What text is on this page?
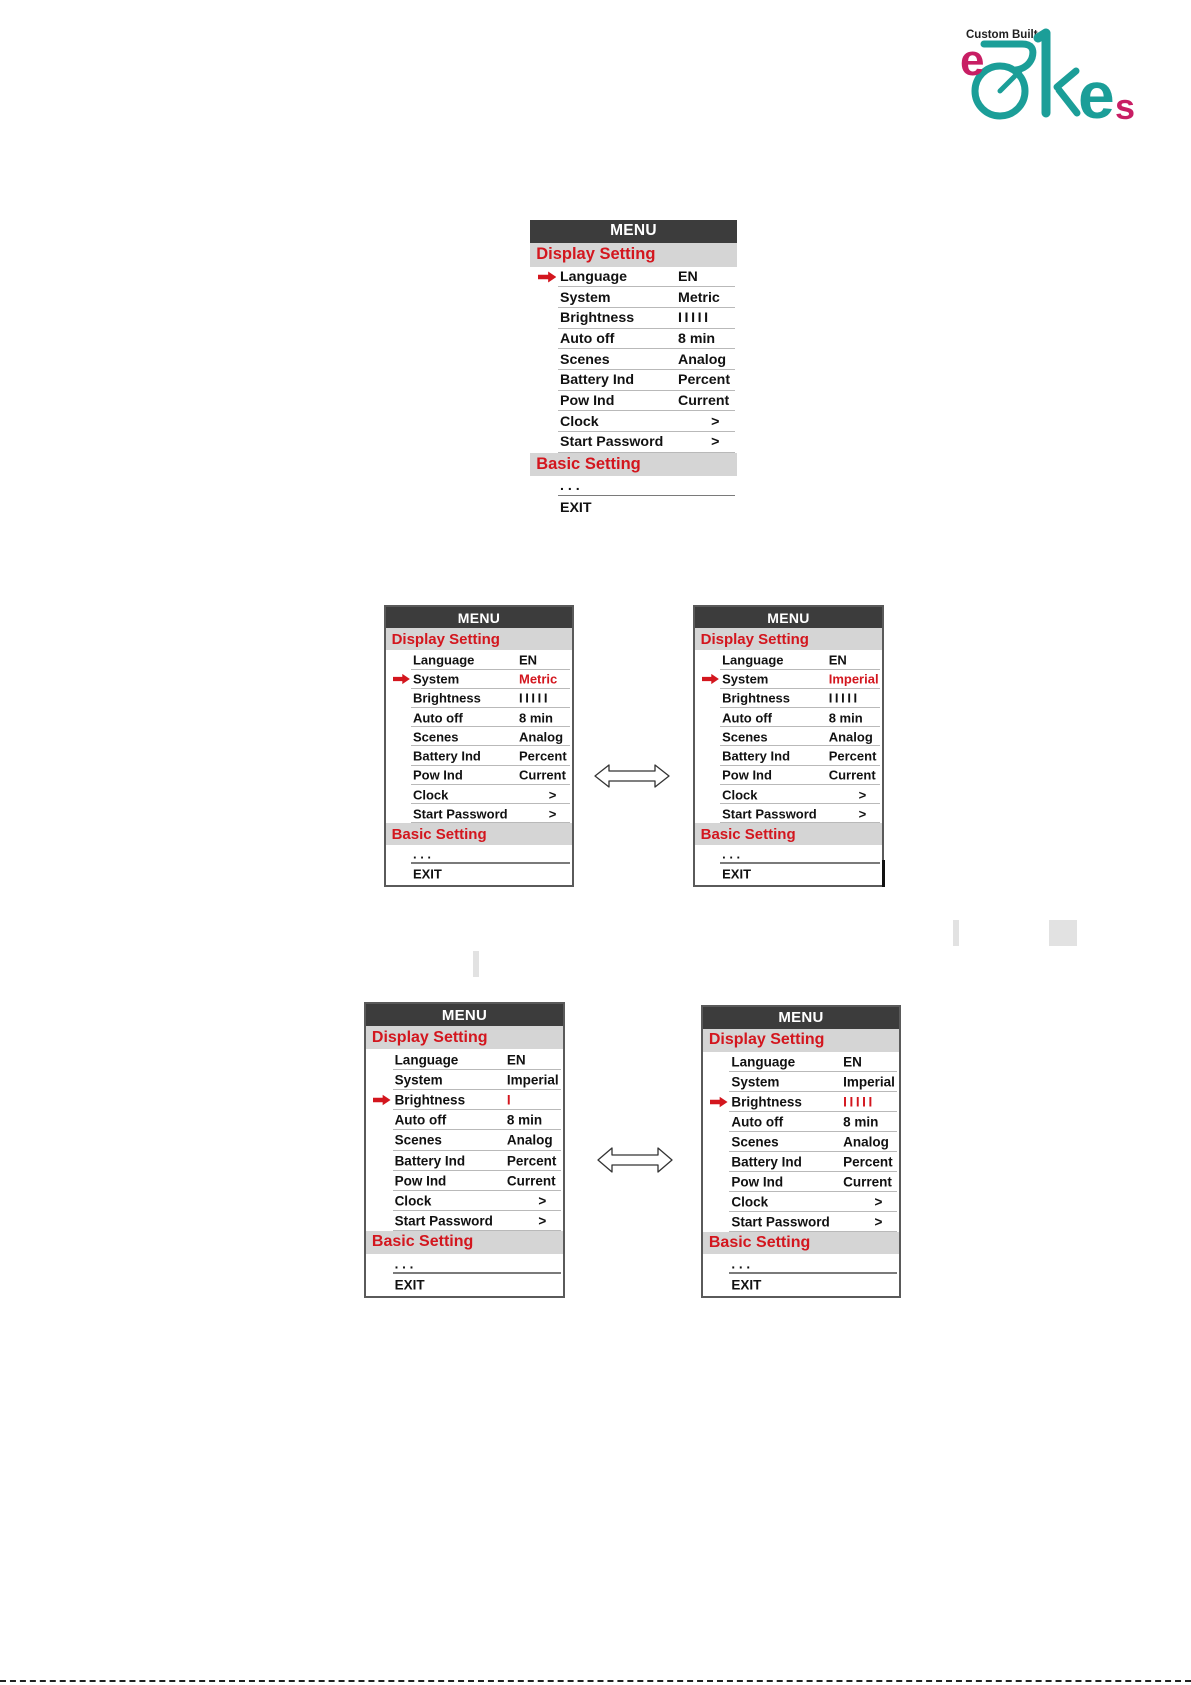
Custom Built
e e s
MENU
Display Setting
Language	EN
System	Metric
Brightness	IIIII
Auto off	8 min
Scenes	Analog
Battery Ind	Percent
Pow Ind	Current
Clock	>
Start Password	>
Basic Setting
. . .
EXIT
MENU
Display Setting
Language	EN
System	Metric
Brightness	IIIII
Auto off	8 min
Scenes	Analog
Battery Ind	Percent
Pow Ind	Current
Clock	>
Start Password	>
Basic Setting
. . .
EXIT
MENU
Display Setting
Language	EN
System	Imperial
Brightness	IIIII
Auto off	8 min
Scenes	Analog
Battery Ind	Percent
Pow Ind	Current
Clock	>
Start Password	>
Basic Setting
. . .
EXIT
MENU
Display Setting
Language	EN
System	Imperial
Brightness	I
Auto off	8 min
Scenes	Analog
Battery Ind	Percent
Pow Ind	Current
Clock	>
Start Password	>
Basic Setting
. . .
EXIT
MENU
Display Setting
Language	EN
System	Imperial
Brightness	IIIII
Auto off	8 min
Scenes	Analog
Battery Ind	Percent
Pow Ind	Current
Clock	>
Start Password	>
Basic Setting
. . .
EXIT
